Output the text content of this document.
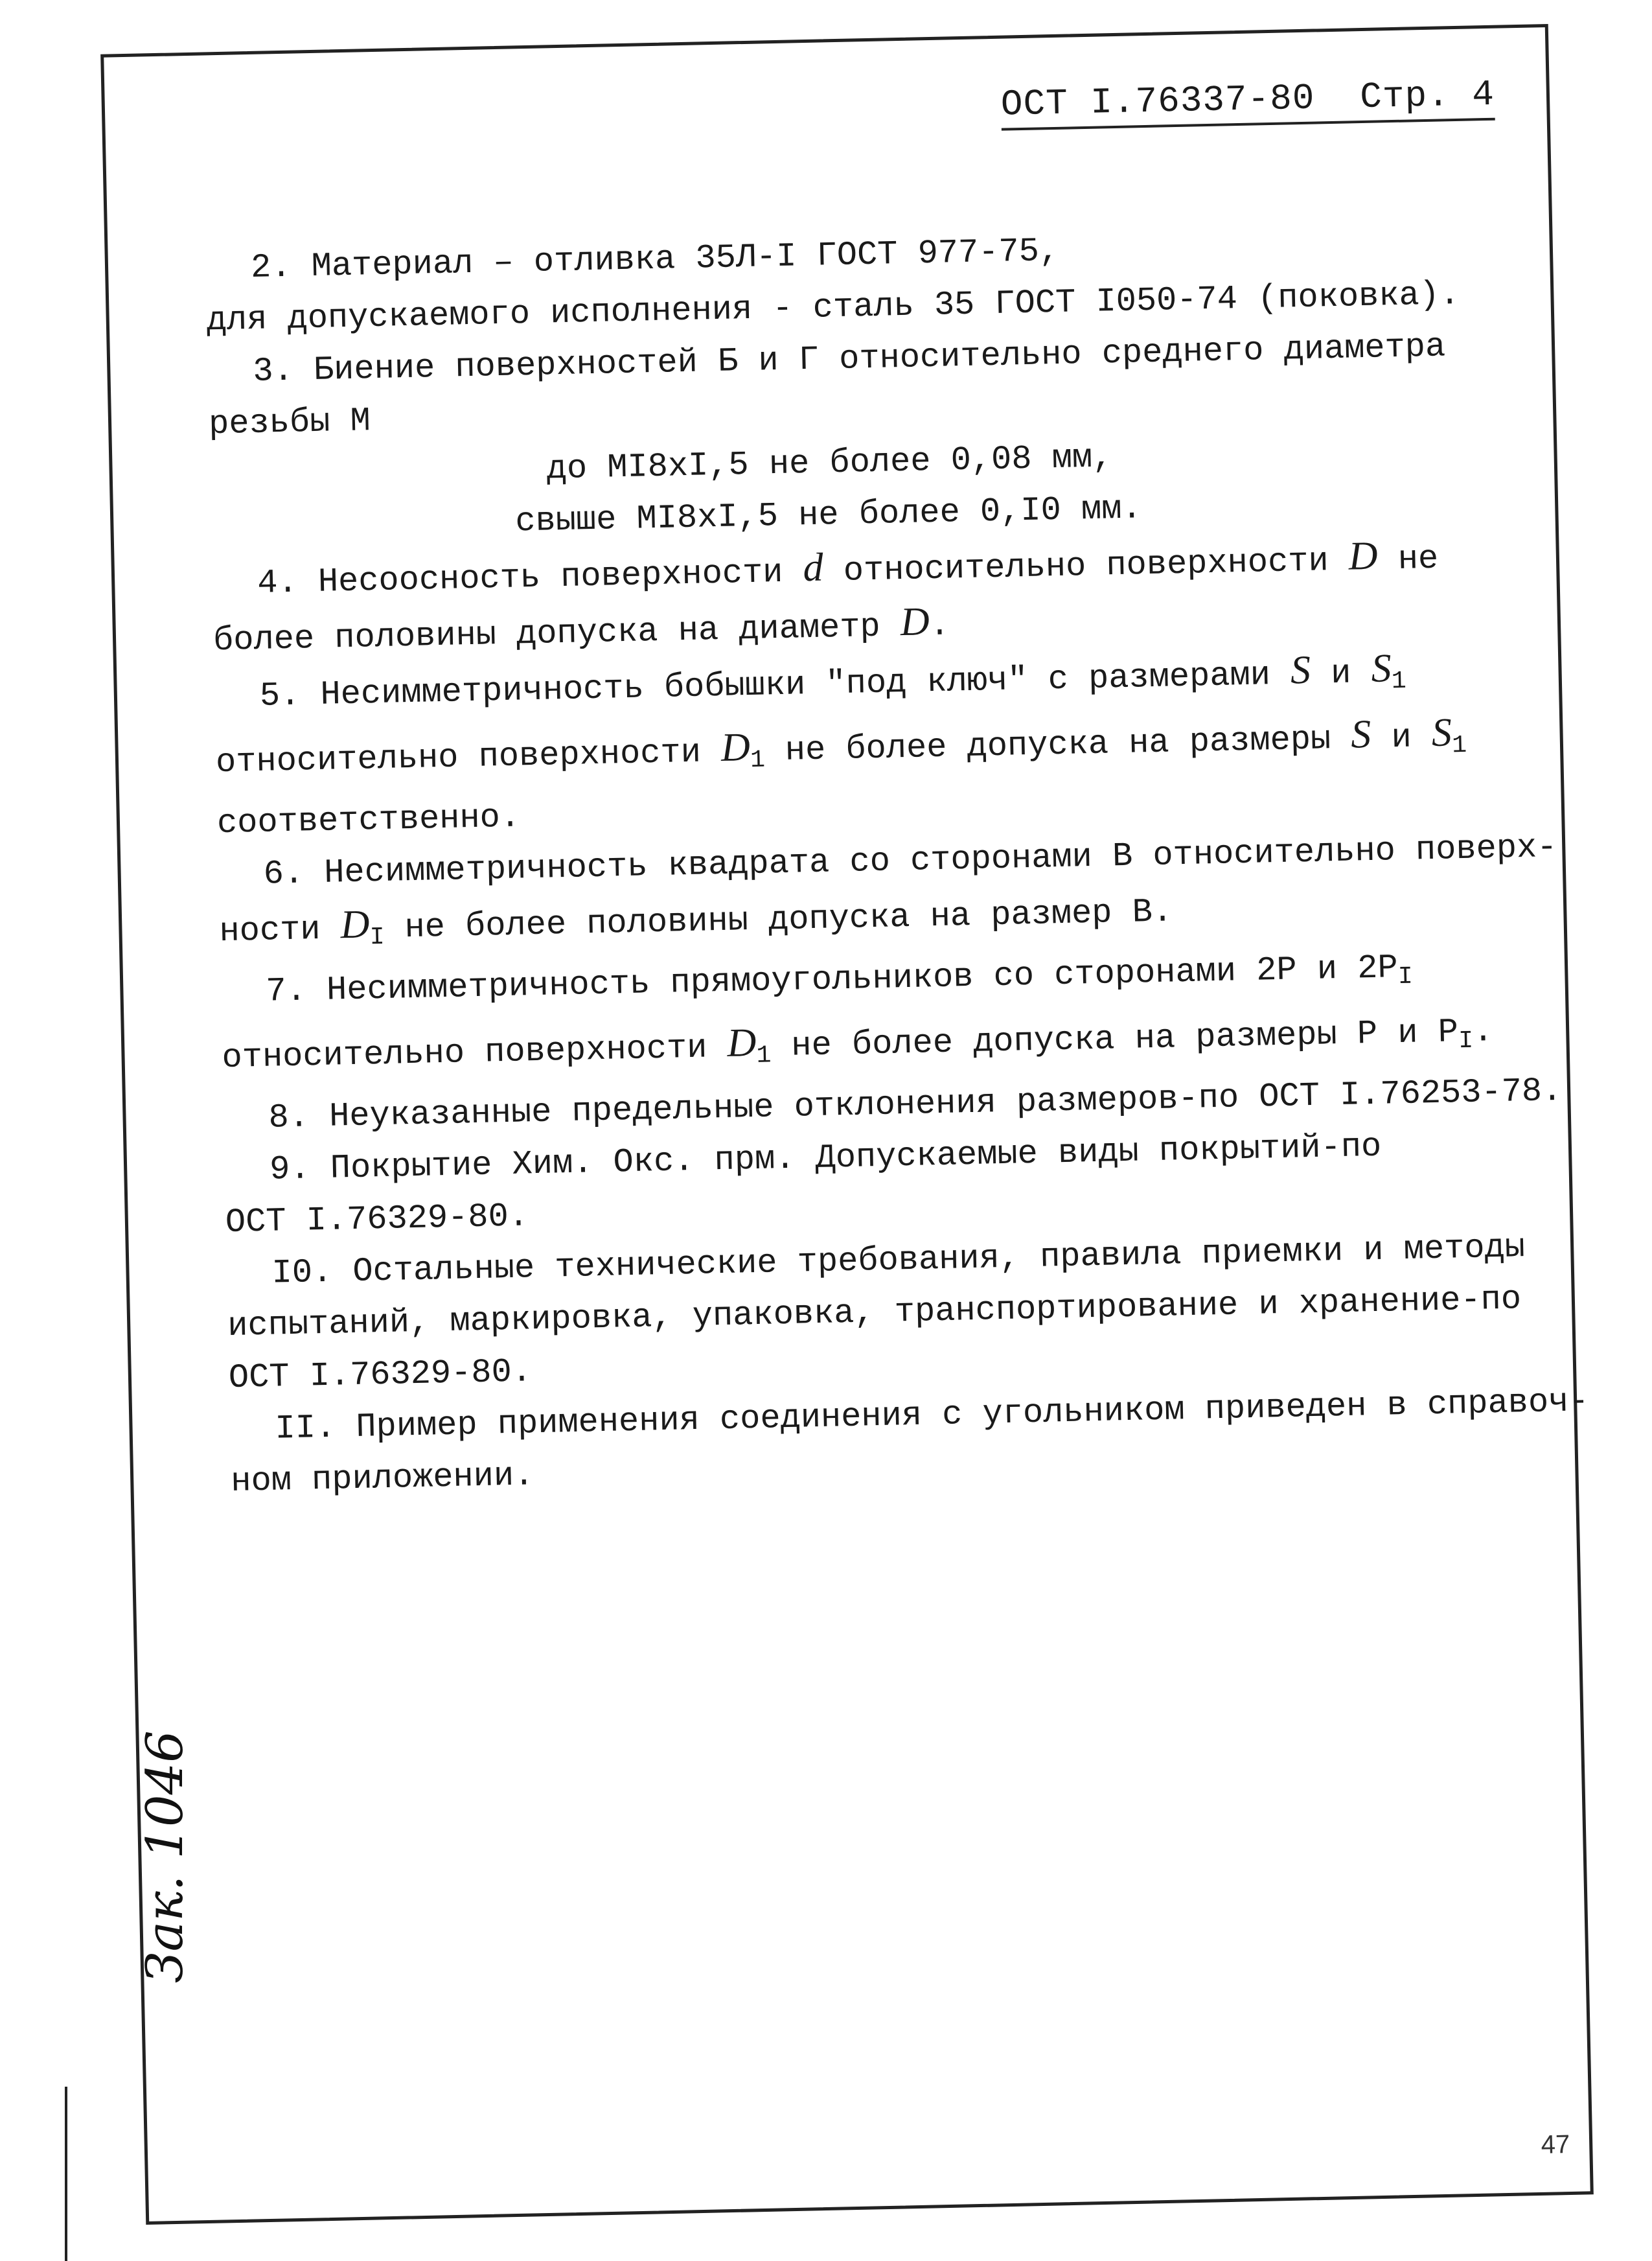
ОСТ I.76337-80 Стр. 4
2. Материал – отливка 35Л-I ГОСТ 977-75,
для допускаемого исполнения - сталь 35 ГОСТ I050-74 (поковка).
3. Биение поверхностей Б и Г относительно среднего диаметра
резьбы М
до MI8xI,5 не более 0,08 мм,
свыше MI8xI,5 не более 0,I0 мм.
4. Несоосность поверхности d относительно поверхности D не
более половины допуска на диаметр D.
5. Несимметричность бобышки "под ключ" с размерами S и $S_1$
относительно поверхности $D_1$ не более допуска на размеры S и $S_1$
соответственно.
6. Несимметричность квадрата со сторонами В относительно поверх-
ности $D_I$ не более половины допуска на размер В.
7. Несимметричность прямоугольников со сторонами 2Р и $2Р_I$
относительно поверхности $D_1$ не более допуска на размеры Р и $Р_I$.
8. Неуказанные предельные отклонения размеров-по ОСТ I.76253-78.
9. Покрытие Хим. Окс. прм. Допускаемые виды покрытий-по
ОСТ I.76329-80.
I0. Остальные технические требования, правила приемки и методы
испытаний, маркировка, упаковка, транспортирование и хранение-по
ОСТ I.76329-80.
II. Пример применения соединения с угольником приведен в справоч-
ном приложении.
47
Зак. 1046
